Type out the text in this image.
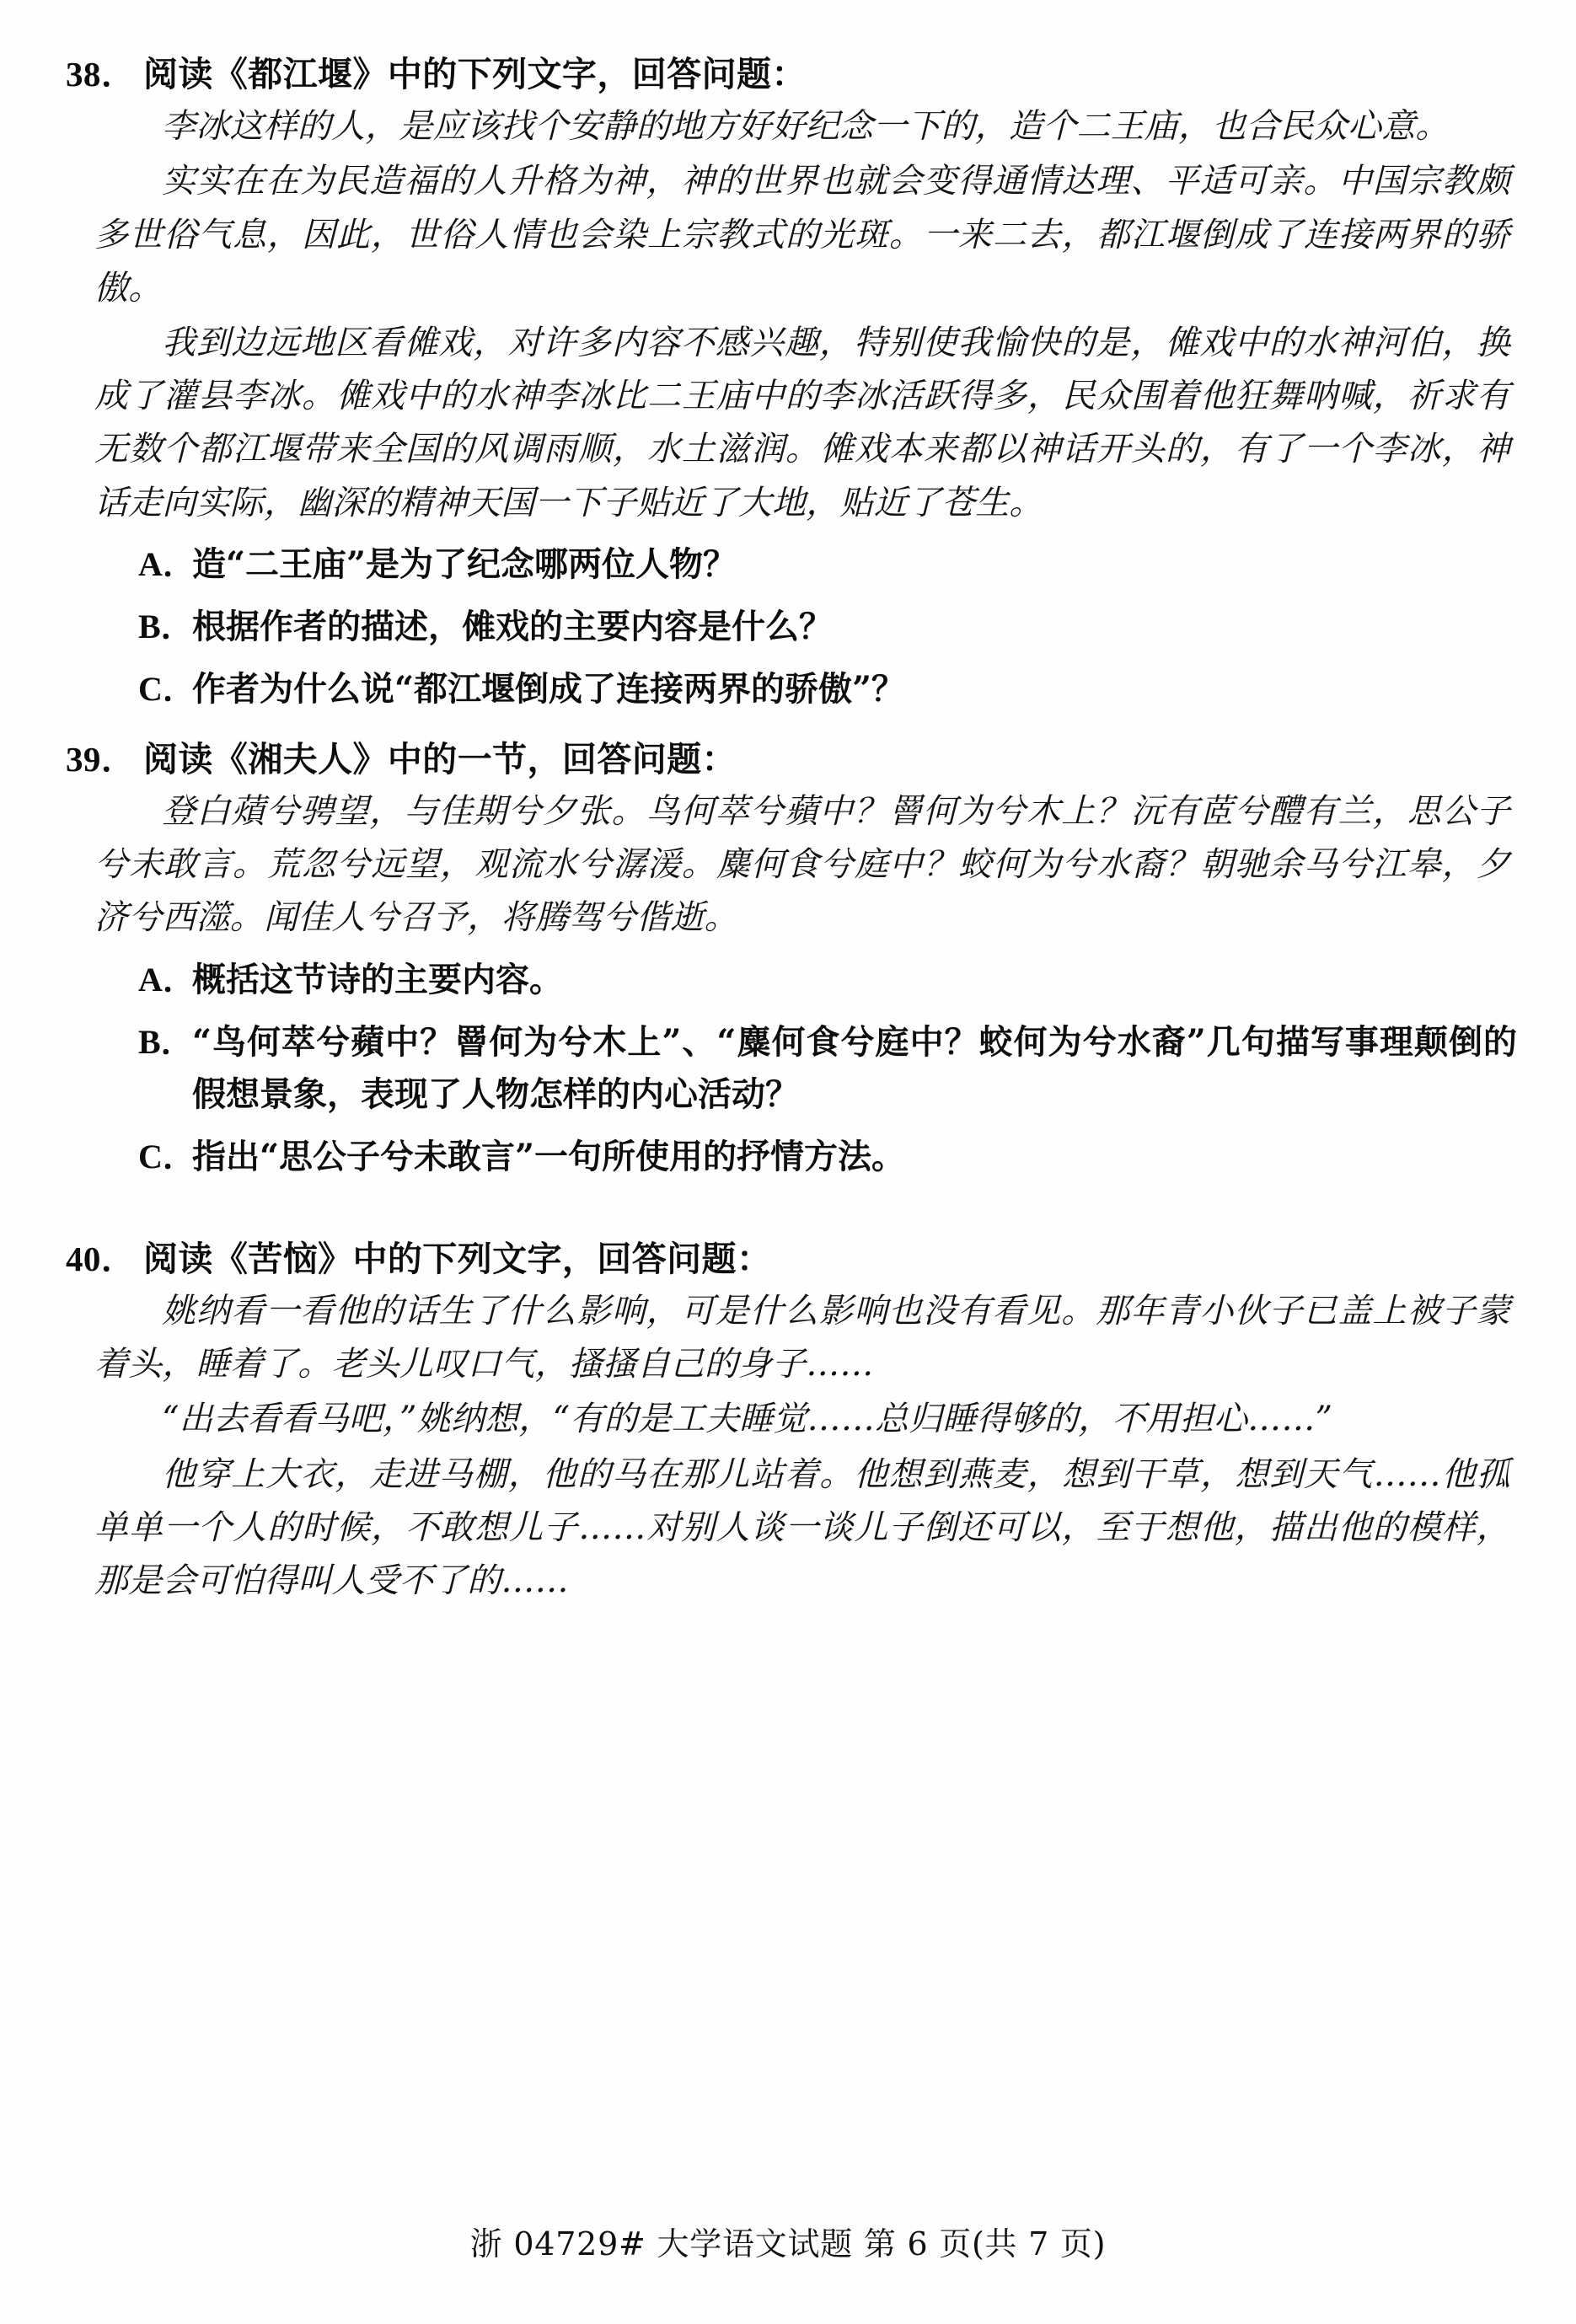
38． 阅读《都江堰》中的下列文字，回答问题：

李冰这样的人，是应该找个安静的地方好好纪念一下的，造个二王庙，也合民众心意。

实实在在为民造福的人升格为神，神的世界也就会变得通情达理、平适可亲。中国宗教颇多世俗气息，因此，世俗人情也会染上宗教式的光斑。一来二去，都江堰倒成了连接两界的骄傲。

我到边远地区看傩戏，对许多内容不感兴趣，特别使我愉快的是，傩戏中的水神河伯，换成了灌县李冰。傩戏中的水神李冰比二王庙中的李冰活跃得多，民众围着他狂舞呐喊，祈求有无数个都江堰带来全国的风调雨顺，水土滋润。傩戏本来都以神话开头的，有了一个李冰，神话走向实际，幽深的精神天国一下子贴近了大地，贴近了苍生。

A．
造“二王庙”是为了纪念哪两位人物？
B．
根据作者的描述，傩戏的主要内容是什么？
C．
作者为什么说“都江堰倒成了连接两界的骄傲”？
39． 阅读《湘夫人》中的一节，回答问题：

登白薠兮骋望，与佳期兮夕张。鸟何萃兮蘋中？罾何为兮木上？沅有茝兮醴有兰，思公子兮未敢言。荒忽兮远望，观流水兮潺湲。麋何食兮庭中？蛟何为兮水裔？朝驰余马兮江皋，夕济兮西澨。闻佳人兮召予，将腾驾兮偕逝。

A．
概括这节诗的主要内容。
B．
“鸟何萃兮蘋中？罾何为兮木上”、“麋何食兮庭中？蛟何为兮水裔”几句描写事理颠倒的假想景象，表现了人物怎样的内心活动？
C．
指出“思公子兮未敢言”一句所使用的抒情方法。
40． 阅读《苦恼》中的下列文字，回答问题：

姚纳看一看他的话生了什么影响，可是什么影响也没有看见。那年青小伙子已盖上被子蒙着头，睡着了。老头儿叹口气，搔搔自己的身子……

“出去看看马吧，”姚纳想，“有的是工夫睡觉……总归睡得够的，不用担心……”

他穿上大衣，走进马棚，他的马在那儿站着。他想到燕麦，想到干草，想到天气……他孤单单一个人的时候，不敢想儿子……对别人谈一谈儿子倒还可以，至于想他，描出他的模样，那是会可怕得叫人受不了的……

浙 04729# 大学语文试题 第 6 页(共 7 页)
